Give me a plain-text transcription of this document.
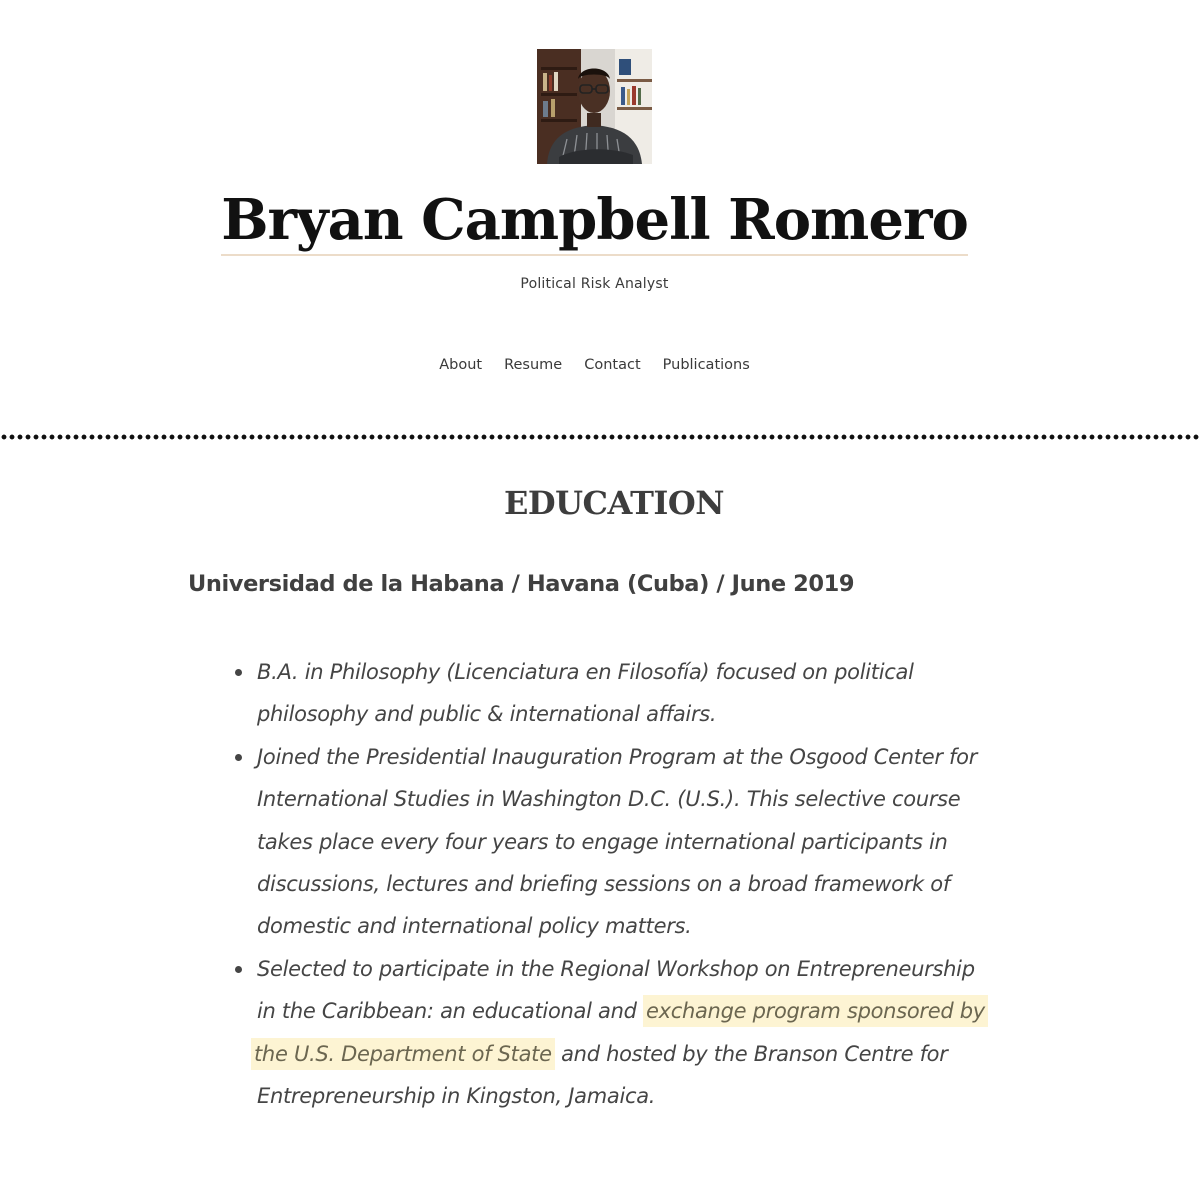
Bryan Campbell Romero
Political Risk Analyst
About Resume Contact Publications
EDUCATION
Universidad de la Habana / Havana (Cuba) / June 2019
B.A. in Philosophy (Licenciatura en Filosofía) focused on political
philosophy and public & international affairs.
Joined the Presidential Inauguration Program at the Osgood Center for
International Studies in Washington D.C. (U.S.). This selective course
takes place every four years to engage international participants in
discussions, lectures and briefing sessions on a broad framework of
domestic and international policy matters.
Selected to participate in the Regional Workshop on Entrepreneurship
in the Caribbean: an educational and exchange program sponsored by
the U.S. Department of State and hosted by the Branson Centre for
Entrepreneurship in Kingston, Jamaica.
